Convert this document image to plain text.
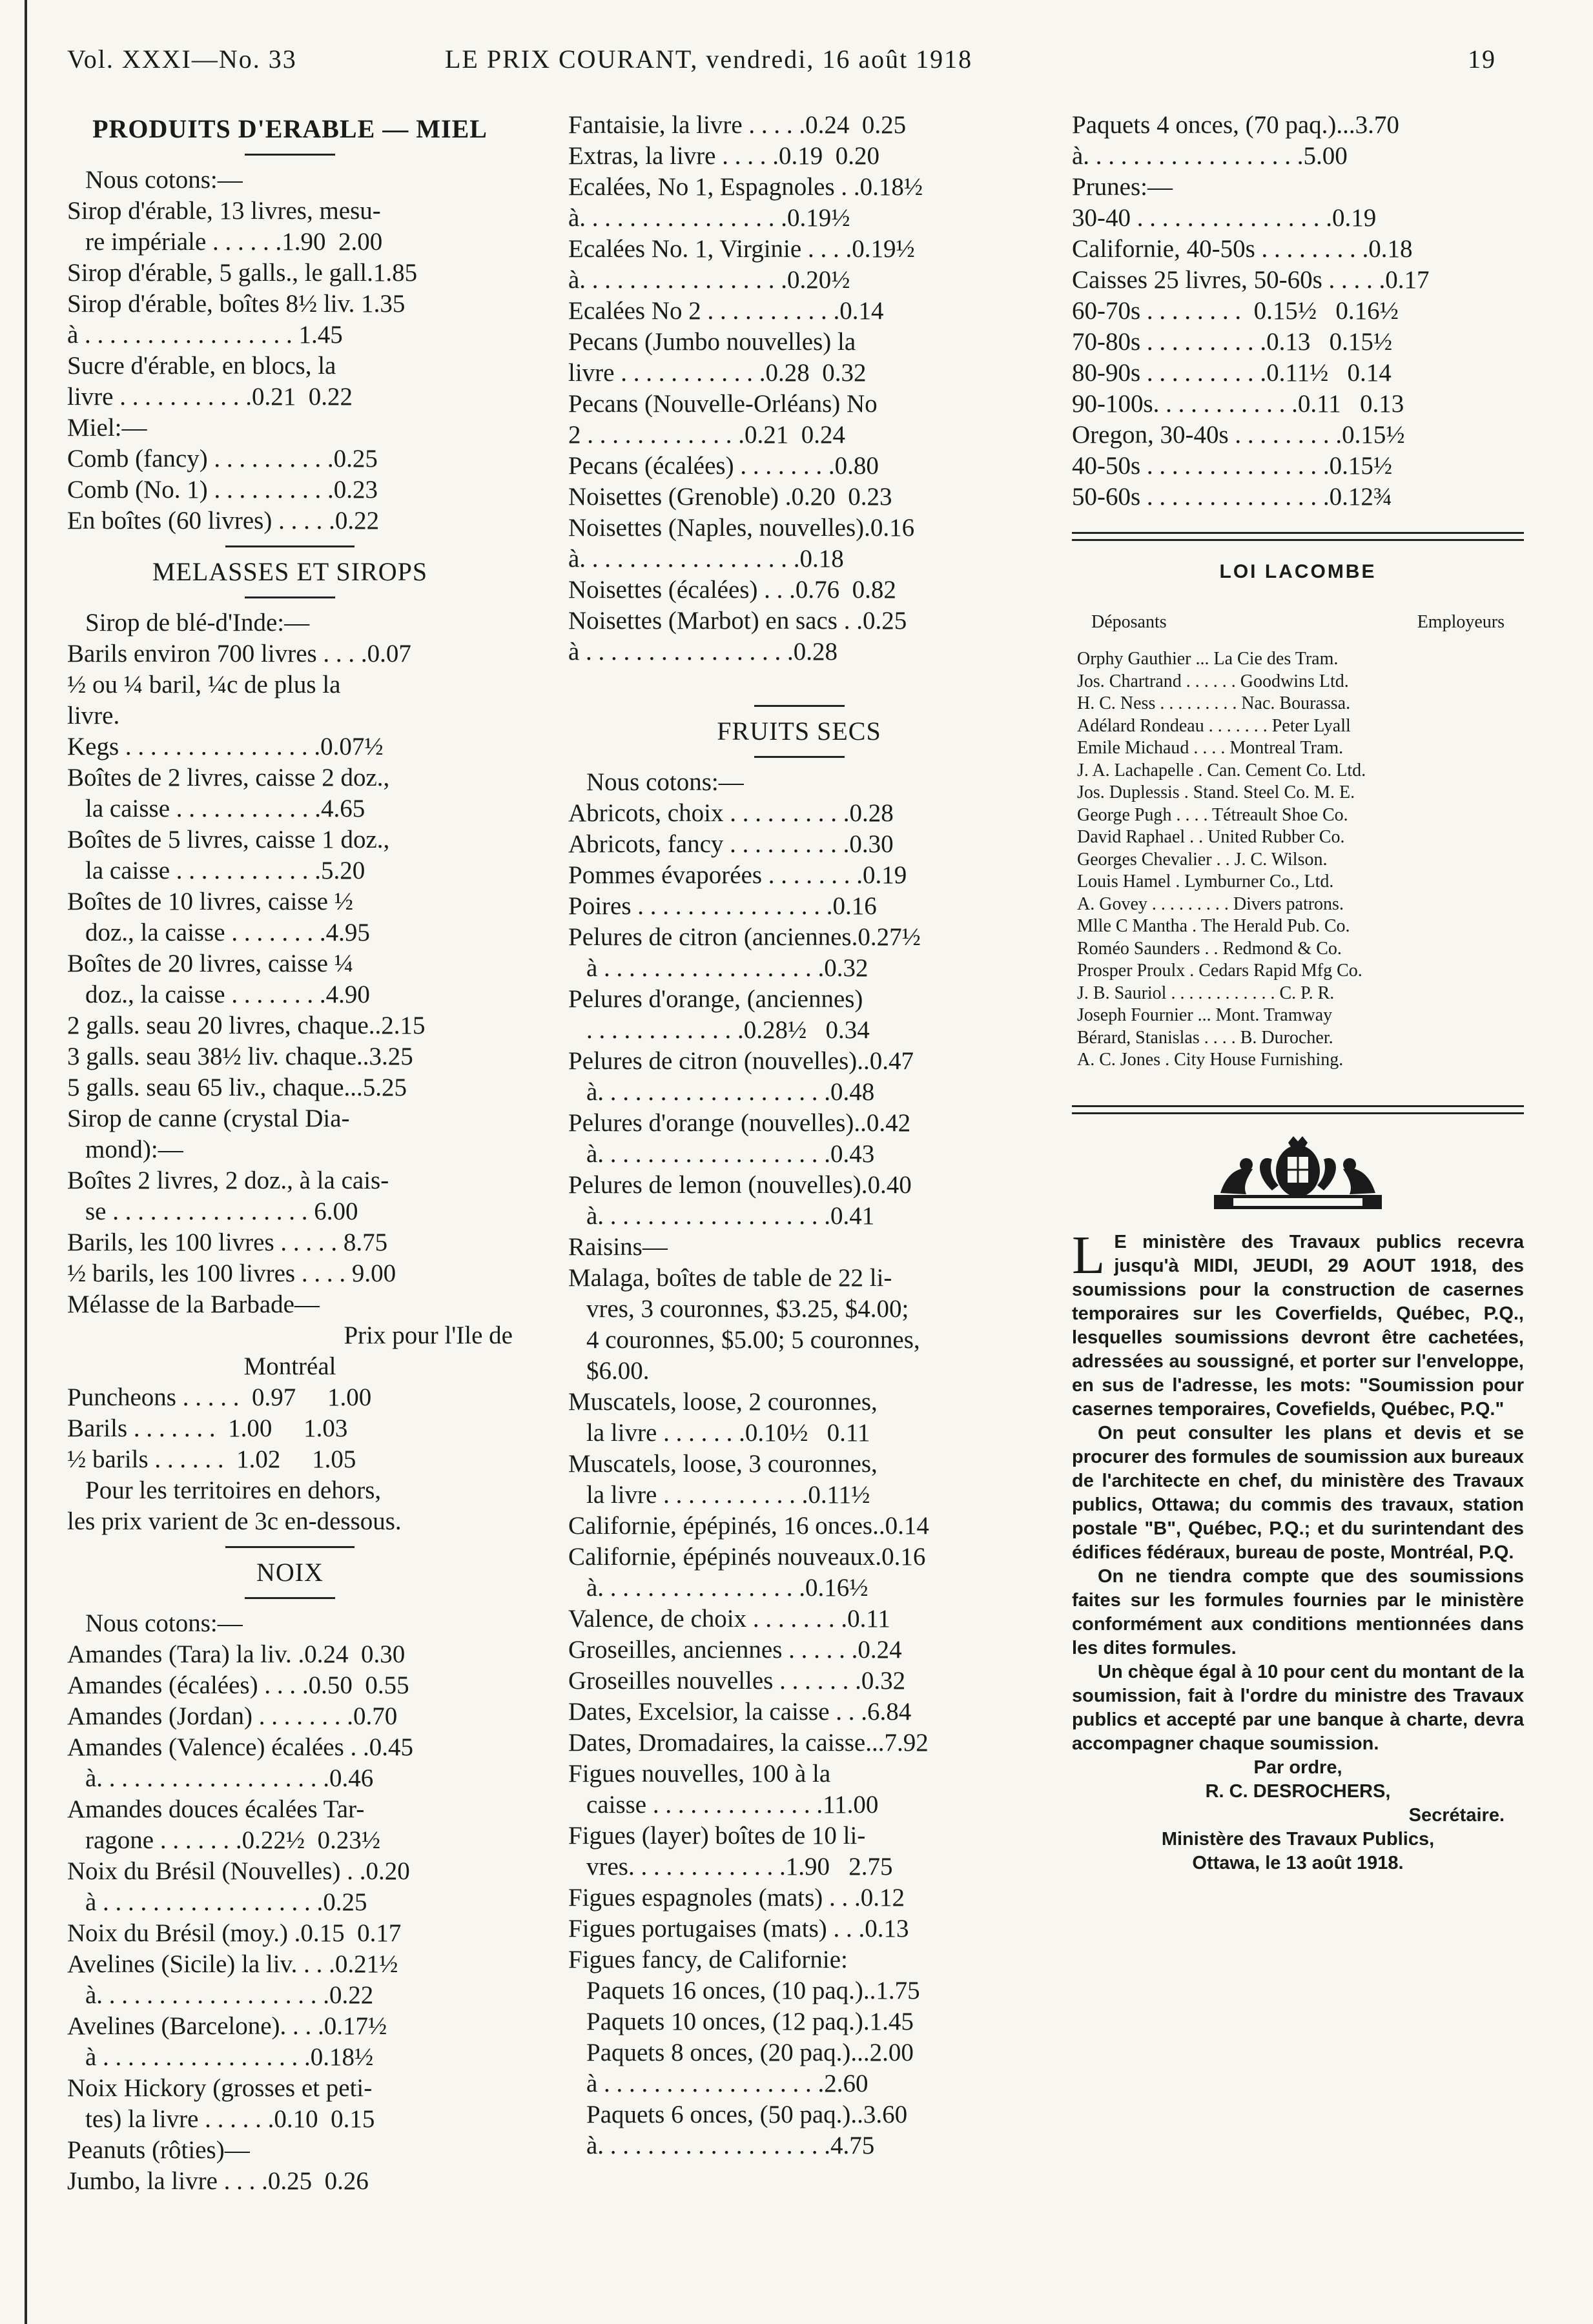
Vol. XXXI—No. 33	LE PRIX COURANT, vendredi, 16 août 1918	19
PRODUITS D'ERABLE — MIEL
Nous cotons:—
Sirop d'érable, 13 livres, mesu-
re impériale . . . . . .1.90  2.00
Sirop d'érable, 5 galls., le gall.1.85
Sirop d'érable, boîtes 8½ liv. 1.35
à . . . . . . . . . . . . . . . . . 1.45
Sucre d'érable, en blocs, la
livre . . . . . . . . . . .0.21  0.22
Miel:—
Comb (fancy) . . . . . . . . . .0.25
Comb (No. 1) . . . . . . . . . .0.23
En boîtes (60 livres) . . . . .0.22
MELASSES ET SIROPS
Sirop de blé-d'Inde:—
Barils environ 700 livres . . . .0.07
½ ou ¼ baril, ¼c de plus la
livre.
Kegs . . . . . . . . . . . . . . . .0.07½
Boîtes de 2 livres, caisse 2 doz.,
la caisse . . . . . . . . . . . .4.65
Boîtes de 5 livres, caisse 1 doz.,
la caisse . . . . . . . . . . . .5.20
Boîtes de 10 livres, caisse ½
doz., la caisse . . . . . . . .4.95
Boîtes de 20 livres, caisse ¼
doz., la caisse . . . . . . . .4.90
2 galls. seau 20 livres, chaque..2.15
3 galls. seau 38½ liv. chaque..3.25
5 galls. seau 65 liv., chaque...5.25
Sirop de canne (crystal Dia-
mond):—
Boîtes 2 livres, 2 doz., à la cais-
se . . . . . . . . . . . . . . . . 6.00
Barils, les 100 livres . . . . . 8.75
½ barils, les 100 livres . . . . 9.00
Mélasse de la Barbade—
Prix pour l'Ile de
Montréal
Puncheons . . . . .  0.97     1.00
Barils . . . . . . .  1.00     1.03
½ barils . . . . . .  1.02     1.05
Pour les territoires en dehors,
les prix varient de 3c en-dessous.
NOIX
Nous cotons:—
Amandes (Tara) la liv. .0.24  0.30
Amandes (écalées) . . . .0.50  0.55
Amandes (Jordan) . . . . . . . .0.70
Amandes (Valence) écalées . .0.45
à. . . . . . . . . . . . . . . . . . .0.46
Amandes douces écalées Tar-
ragone . . . . . . .0.22½  0.23½
Noix du Brésil (Nouvelles) . .0.20
à . . . . . . . . . . . . . . . . . .0.25
Noix du Brésil (moy.) .0.15  0.17
Avelines (Sicile) la liv. . . .0.21½
à. . . . . . . . . . . . . . . . . . .0.22
Avelines (Barcelone). . . .0.17½
à . . . . . . . . . . . . . . . . .0.18½
Noix Hickory (grosses et peti-
tes) la livre . . . . . .0.10  0.15
Peanuts (rôties)—
Jumbo, la livre . . . .0.25  0.26
Fantaisie, la livre . . . . .0.24  0.25
Extras, la livre . . . . .0.19  0.20
Ecalées, No 1, Espagnoles . .0.18½
à. . . . . . . . . . . . . . . . .0.19½
Ecalées No. 1, Virginie . . . .0.19½
à. . . . . . . . . . . . . . . . .0.20½
Ecalées No 2 . . . . . . . . . . .0.14
Pecans (Jumbo nouvelles) la
livre . . . . . . . . . . . .0.28  0.32
Pecans (Nouvelle-Orléans) No
2 . . . . . . . . . . . . .0.21  0.24
Pecans (écalées) . . . . . . . .0.80
Noisettes (Grenoble) .0.20  0.23
Noisettes (Naples, nouvelles).0.16
à. . . . . . . . . . . . . . . . . .0.18
Noisettes (écalées) . . .0.76  0.82
Noisettes (Marbot) en sacs . .0.25
à . . . . . . . . . . . . . . . . .0.28
FRUITS SECS
Nous cotons:—
Abricots, choix . . . . . . . . . .0.28
Abricots, fancy . . . . . . . . . .0.30
Pommes évaporées . . . . . . . .0.19
Poires . . . . . . . . . . . . . . . .0.16
Pelures de citron (anciennes.0.27½
à . . . . . . . . . . . . . . . . . .0.32
Pelures d'orange, (anciennes)
. . . . . . . . . . . . .0.28½   0.34
Pelures de citron (nouvelles)..0.47
à. . . . . . . . . . . . . . . . . . .0.48
Pelures d'orange (nouvelles)..0.42
à. . . . . . . . . . . . . . . . . . .0.43
Pelures de lemon (nouvelles).0.40
à. . . . . . . . . . . . . . . . . . .0.41
Raisins—
Malaga, boîtes de table de 22 li-
vres, 3 couronnes, $3.25, $4.00;
4 couronnes, $5.00; 5 couronnes,
$6.00.
Muscatels, loose, 2 couronnes,
la livre . . . . . . .0.10½   0.11
Muscatels, loose, 3 couronnes,
la livre . . . . . . . . . . . .0.11½
Californie, épépinés, 16 onces..0.14
Californie, épépinés nouveaux.0.16
à. . . . . . . . . . . . . . . . .0.16½
Valence, de choix . . . . . . . .0.11
Groseilles, anciennes . . . . . .0.24
Groseilles nouvelles . . . . . . .0.32
Dates, Excelsior, la caisse . . .6.84
Dates, Dromadaires, la caisse...7.92
Figues nouvelles, 100 à la
caisse . . . . . . . . . . . . . .11.00
Figues (layer) boîtes de 10 li-
vres. . . . . . . . . . . . .1.90   2.75
Figues espagnoles (mats) . . .0.12
Figues portugaises (mats) . . .0.13
Figues fancy, de Californie:
Paquets 16 onces, (10 paq.)..1.75
Paquets 10 onces, (12 paq.).1.45
Paquets 8 onces, (20 paq.)...2.00
à . . . . . . . . . . . . . . . . . .2.60
Paquets 6 onces, (50 paq.)..3.60
à. . . . . . . . . . . . . . . . . . .4.75
Paquets 4 onces, (70 paq.)...3.70
à. . . . . . . . . . . . . . . . . .5.00
Prunes:—
30-40 . . . . . . . . . . . . . . . .0.19
Californie, 40-50s . . . . . . . . .0.18
Caisses 25 livres, 50-60s . . . . .0.17
60-70s . . . . . . . .  0.15½   0.16½
70-80s . . . . . . . . . .0.13   0.15½
80-90s . . . . . . . . . .0.11½   0.14
90-100s. . . . . . . . . . . .0.11   0.13
Oregon, 30-40s . . . . . . . . .0.15½
40-50s . . . . . . . . . . . . . . .0.15½
50-60s . . . . . . . . . . . . . . .0.12¾
LOI LACOMBE
Déposants	Employeurs
Orphy Gauthier ... La Cie des Tram.
Jos. Chartrand . . . . . . Goodwins Ltd.
H. C. Ness . . . . . . . . . Nac. Bourassa.
Adélard Rondeau . . . . . . . Peter Lyall
Emile Michaud . . . . Montreal Tram.
J. A. Lachapelle . Can. Cement Co. Ltd.
Jos. Duplessis . Stand. Steel Co. M. E.
George Pugh . . . . Tétreault Shoe Co.
David Raphael . . United Rubber Co.
Georges Chevalier . . J. C. Wilson.
Louis Hamel . Lymburner Co., Ltd.
A. Govey . . . . . . . . . Divers patrons.
Mlle C Mantha . The Herald Pub. Co.
Roméo Saunders . . Redmond & Co.
Prosper Proulx . Cedars Rapid Mfg Co.
J. B. Sauriol . . . . . . . . . . . . C. P. R.
Joseph Fournier ... Mont. Tramway
Bérard, Stanislas . . . . B. Durocher.
A. C. Jones . City House Furnishing.

L E ministère des Travaux publics recevra jusqu'à MIDI, JEUDI, 29 AOUT 1918, des soumissions pour la construction de casernes temporaires sur les Coverfields, Québec, P.Q., lesquelles soumissions devront être cachetées, adressées au soussigné, et porter sur l'enveloppe, en sus de l'adresse, les mots: "Soumission pour casernes temporaires, Covefields, Québec, P.Q."

On peut consulter les plans et devis et se procurer des formules de soumission aux bureaux de l'architecte en chef, du ministère des Travaux publics, Ottawa; du commis des travaux, station postale "B", Québec, P.Q.; et du surintendant des édifices fédéraux, bureau de poste, Montréal, P.Q.

On ne tiendra compte que des soumissions faites sur les formules fournies par le ministère conformément aux conditions mentionnées dans les dites formules.

Un chèque égal à 10 pour cent du montant de la soumission, fait à l'ordre du ministre des Travaux publics et accepté par une banque à charte, devra accompagner chaque soumission.

Par ordre,
R. C. DESROCHERS,
Secrétaire.
Ministère des Travaux Publics,
Ottawa, le 13 août 1918.
